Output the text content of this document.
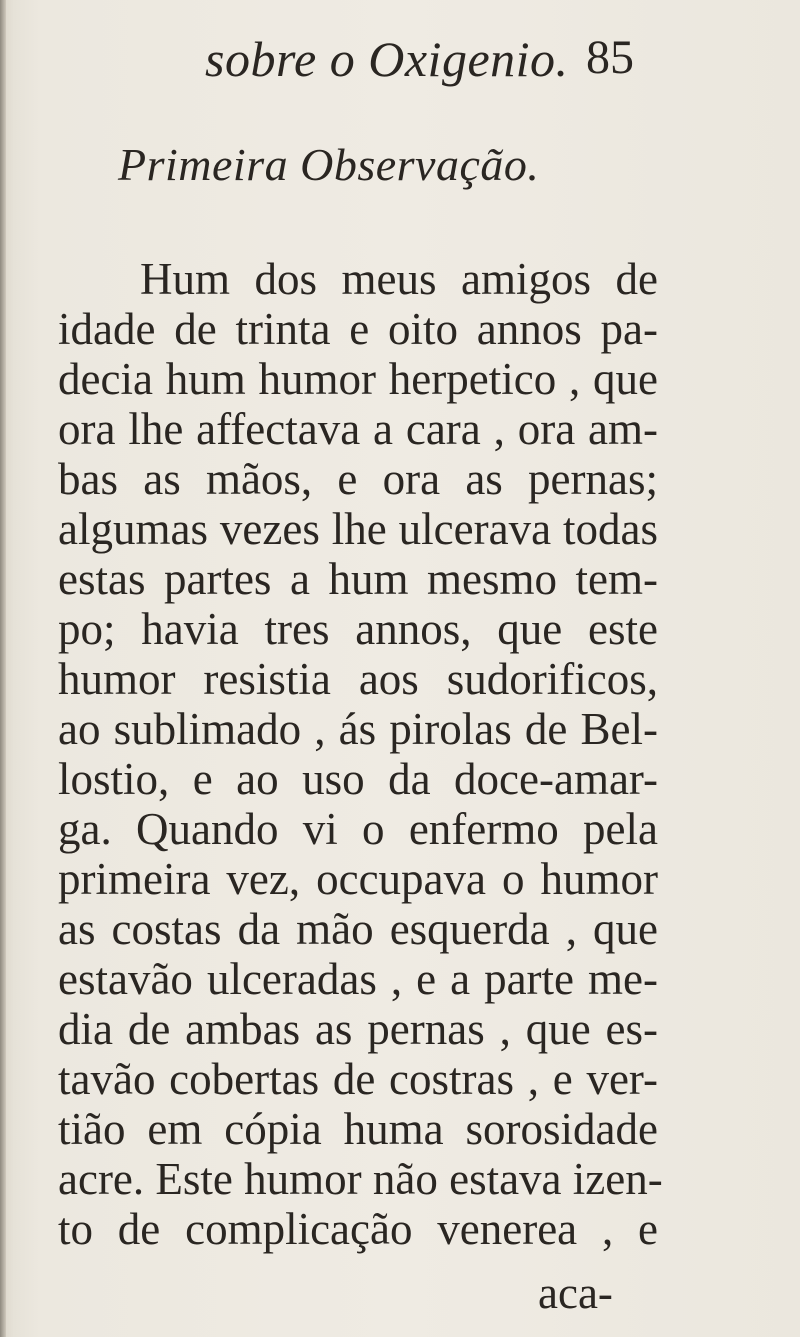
sobre o Oxigenio. 85
Primeira Observação.
Hum dos meus amigos de
idade de trinta e oito annos pa-
decia hum humor herpetico , que
ora lhe affectava a cara , ora am-
bas as mãos, e ora as pernas;
algumas vezes lhe ulcerava todas
estas partes a hum mesmo tem-
po; havia tres annos, que este
humor resistia aos sudorificos,
ao sublimado , ás pirolas de Bel-
lostio, e ao uso da doce-amar-
ga. Quando vi o enfermo pela
primeira vez, occupava o humor
as costas da mão esquerda , que
estavão ulceradas , e a parte me-
dia de ambas as pernas , que es-
tavão cobertas de costras , e ver-
tião em cópia huma sorosidade
acre. Este humor não estava izen-
to de complicação venerea , e
aca-
